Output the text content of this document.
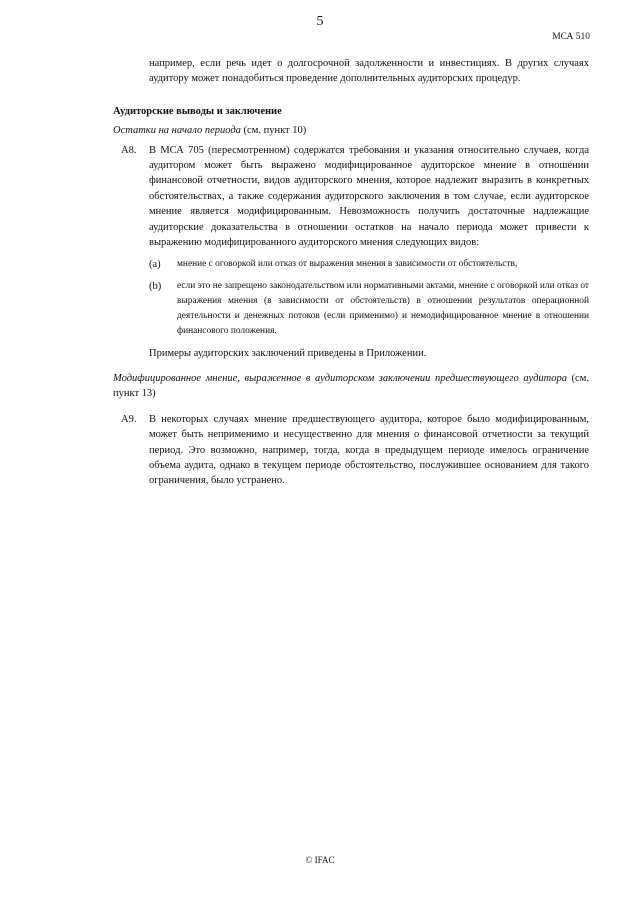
5
МСА 510

например, если речь идет о долгосрочной задолженности и инвестициях. В других случаях аудитору может понадобиться проведение дополнительных аудиторских процедур.

Аудиторские выводы и заключение

Остатки на начало периода (см. пункт 10)

A8.	В МСА 705 (пересмотренном) содержатся требования и указания относительно случаев, когда аудитором может быть выражено модифицированное аудиторское мнение в отношении финансовой отчетности, видов аудиторского мнения, которое надлежит выразить в конкретных обстоятельствах, а также содержания аудиторского заключения в том случае, если аудиторское мнение является модифицированным. Невозможность получить достаточные надлежащие аудиторские доказательства в отношении остатков на начало периода может привести к выражению модифицированного аудиторского мнения следующих видов:

(a)	мнение с оговоркой или отказ от выражения мнения в зависимости от обстоятельств,
(b)	если это не запрещено законодательством или нормативными актами, мнение с оговоркой или отказ от выражения мнения (в зависимости от обстоятельств) в отношении результатов операционной деятельности и денежных потоков (если применимо) и немодифицированное мнение в отношении финансового положения.

Примеры аудиторских заключений приведены в Приложении.

Модифицированное мнение, выраженное в аудиторском заключении предшествующего аудитора (см. пункт 13)

A9.	В некоторых случаях мнение предшествующего аудитора, которое было модифицированным, может быть неприменимо и несущественно для мнения о финансовой отчетности за текущий период. Это возможно, например, тогда, когда в предыдущем периоде имелось ограничение объема аудита, однако в текущем периоде обстоятельство, послужившее основанием для такого ограничения, было устранено.

© IFAC
